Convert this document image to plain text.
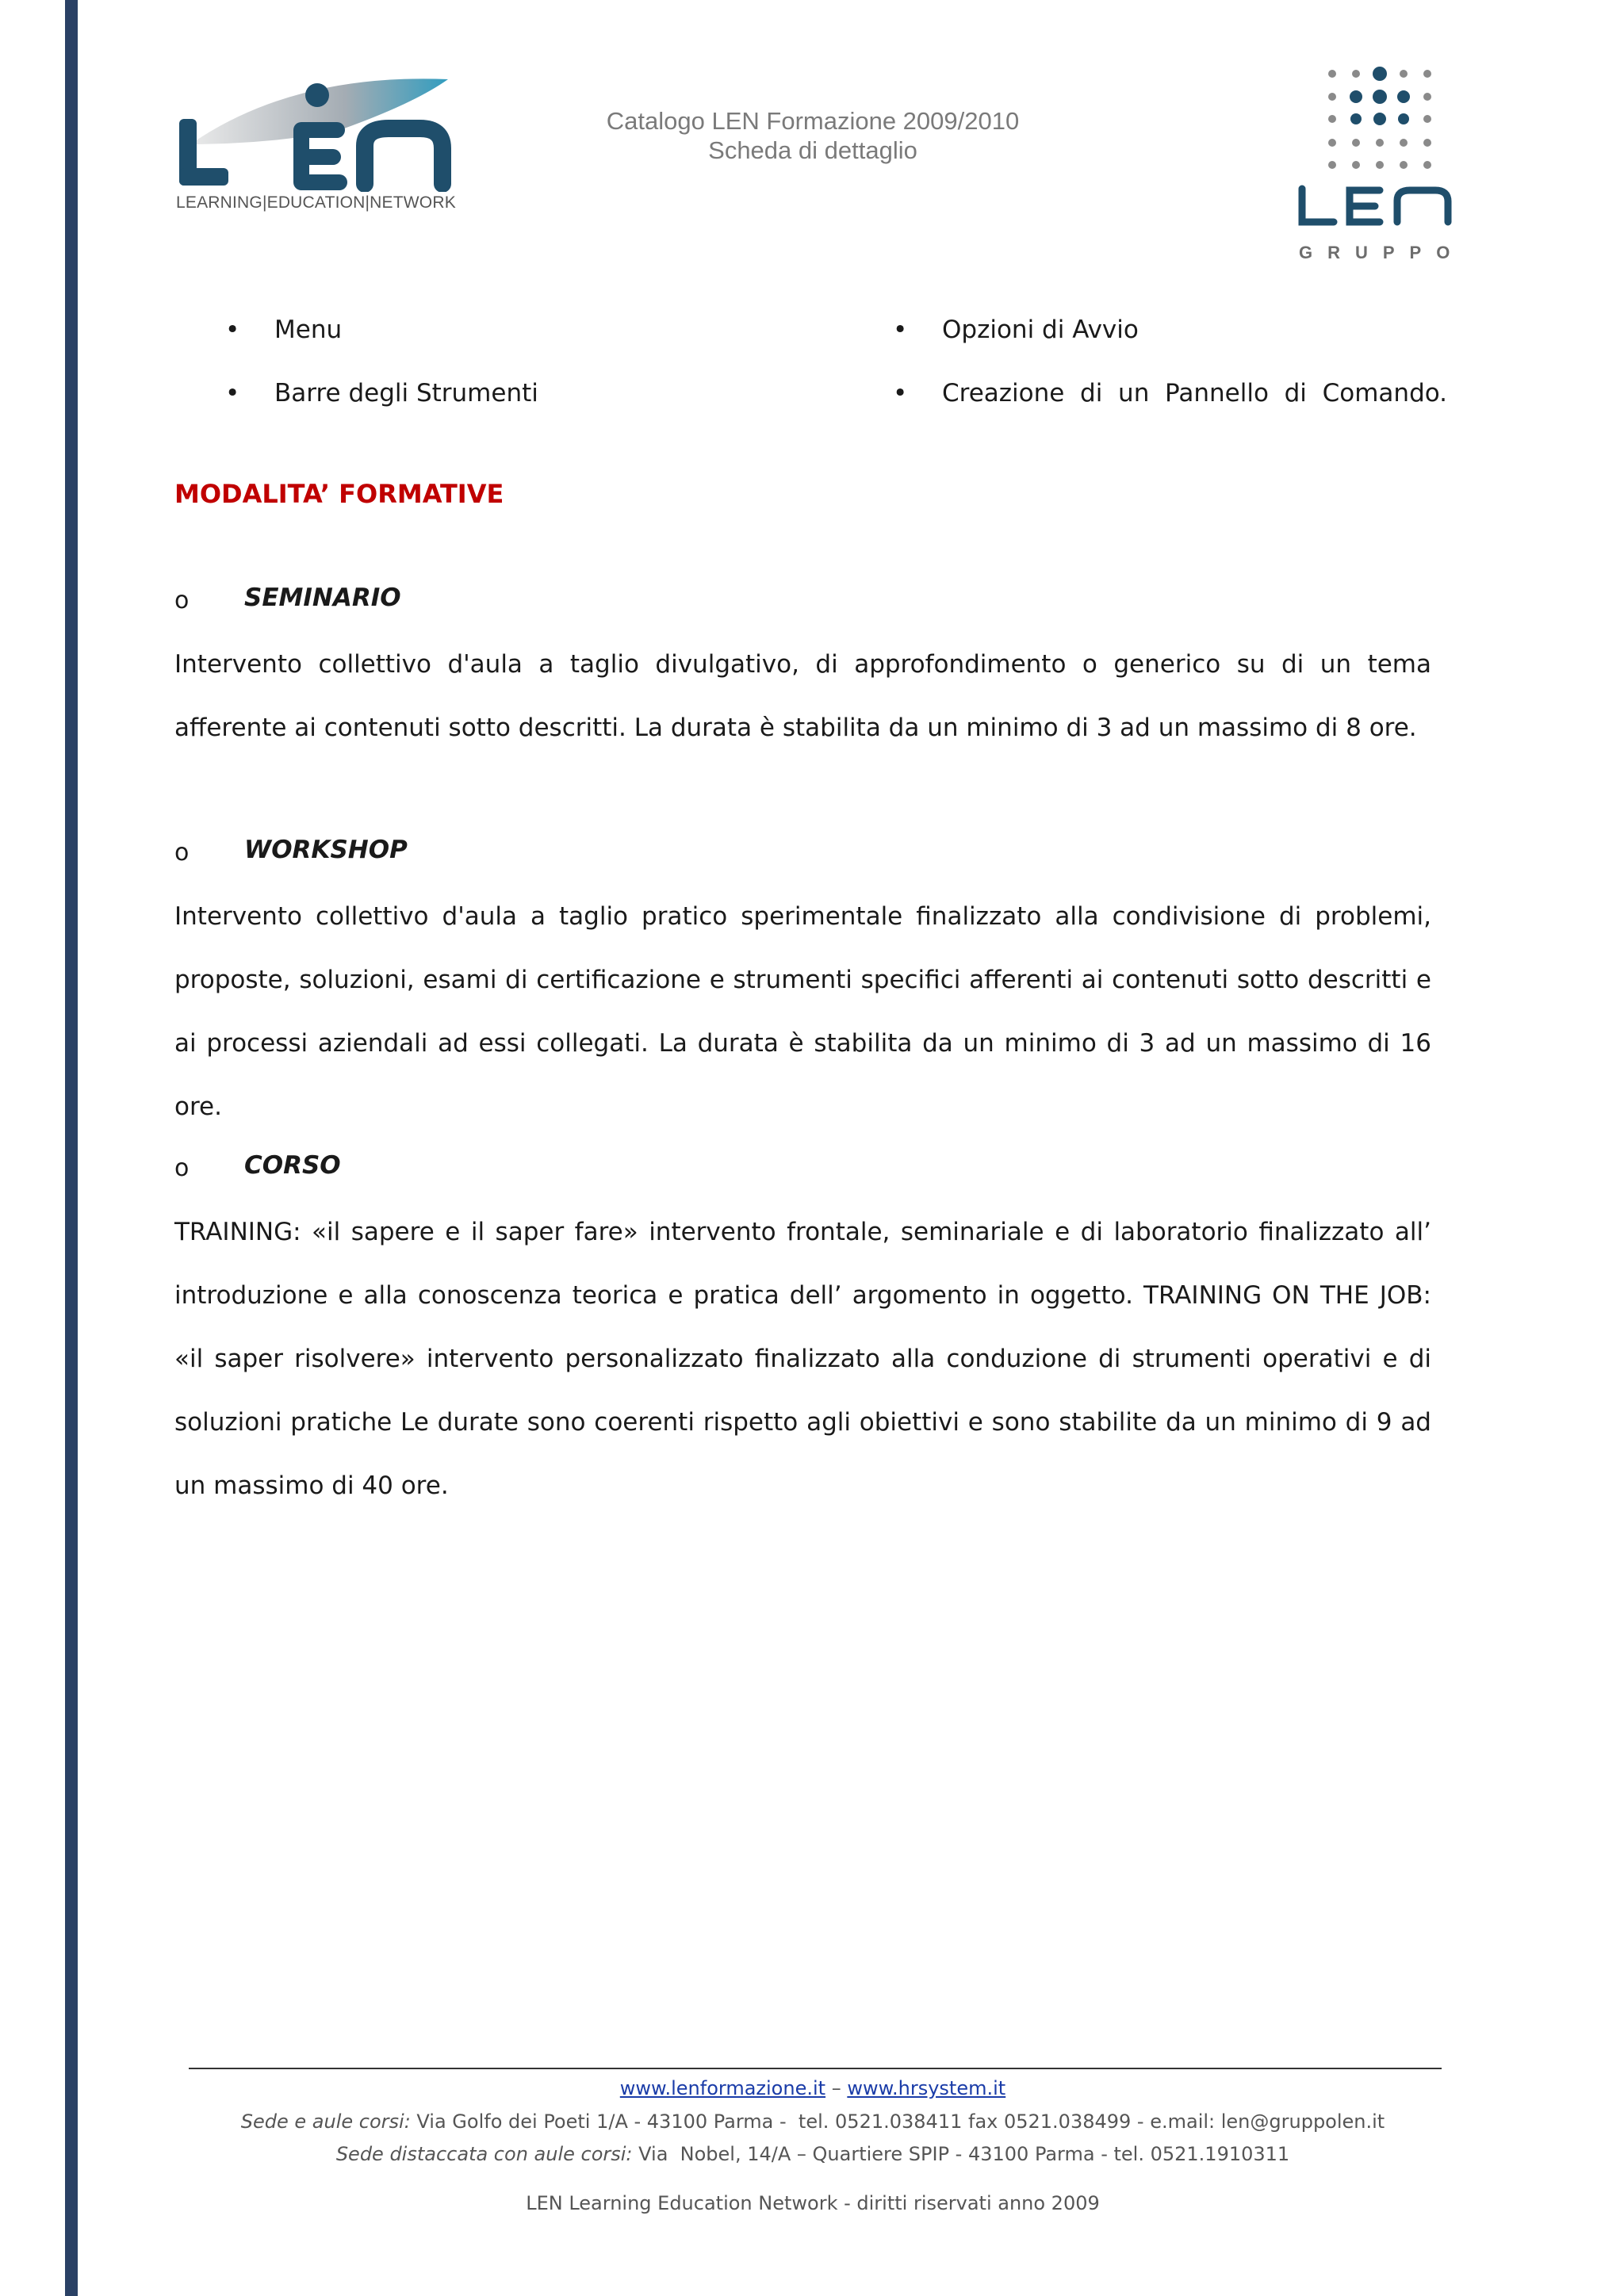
LEARNING|EDUCATION|NETWORK
Catalogo LEN Formazione 2009/2010
Scheda di dettaglio
GRUPPO
• Menu
• Barre degli Strumenti
• Opzioni di Avvio
• Creazione  di  un  Pannello  di  Comando.
MODALITA’ FORMATIVE
o SEMINARIO
Intervento collettivo d'aula a taglio divulgativo, di approfondimento o generico su di un tema afferente ai contenuti sotto descritti. La durata è stabilita da un minimo di 3 ad un massimo di 8 ore.
o WORKSHOP
Intervento collettivo d'aula a taglio pratico sperimentale finalizzato alla condivisione di problemi, proposte, soluzioni, esami di certificazione e strumenti specifici afferenti ai contenuti sotto descritti e ai processi aziendali ad essi collegati. La durata è stabilita da un minimo di 3 ad un massimo di 16 ore.
o CORSO
TRAINING: «il sapere e il saper fare» intervento frontale, seminariale e di laboratorio finalizzato all’ introduzione e alla conoscenza teorica e pratica dell’ argomento in oggetto. TRAINING ON THE JOB: «il saper risolvere» intervento personalizzato finalizzato alla conduzione di strumenti operativi e di soluzioni pratiche Le durate sono coerenti rispetto agli obiettivi e sono stabilite da un minimo di 9 ad un massimo di 40 ore.
www.lenformazione.it – www.hrsystem.it
Sede e aule corsi: Via Golfo dei Poeti 1/A - 43100 Parma -  tel. 0521.038411 fax 0521.038499 - e.mail: len@gruppolen.it
Sede distaccata con aule corsi: Via  Nobel, 14/A – Quartiere SPIP - 43100 Parma - tel. 0521.1910311
LEN Learning Education Network - diritti riservati anno 2009
